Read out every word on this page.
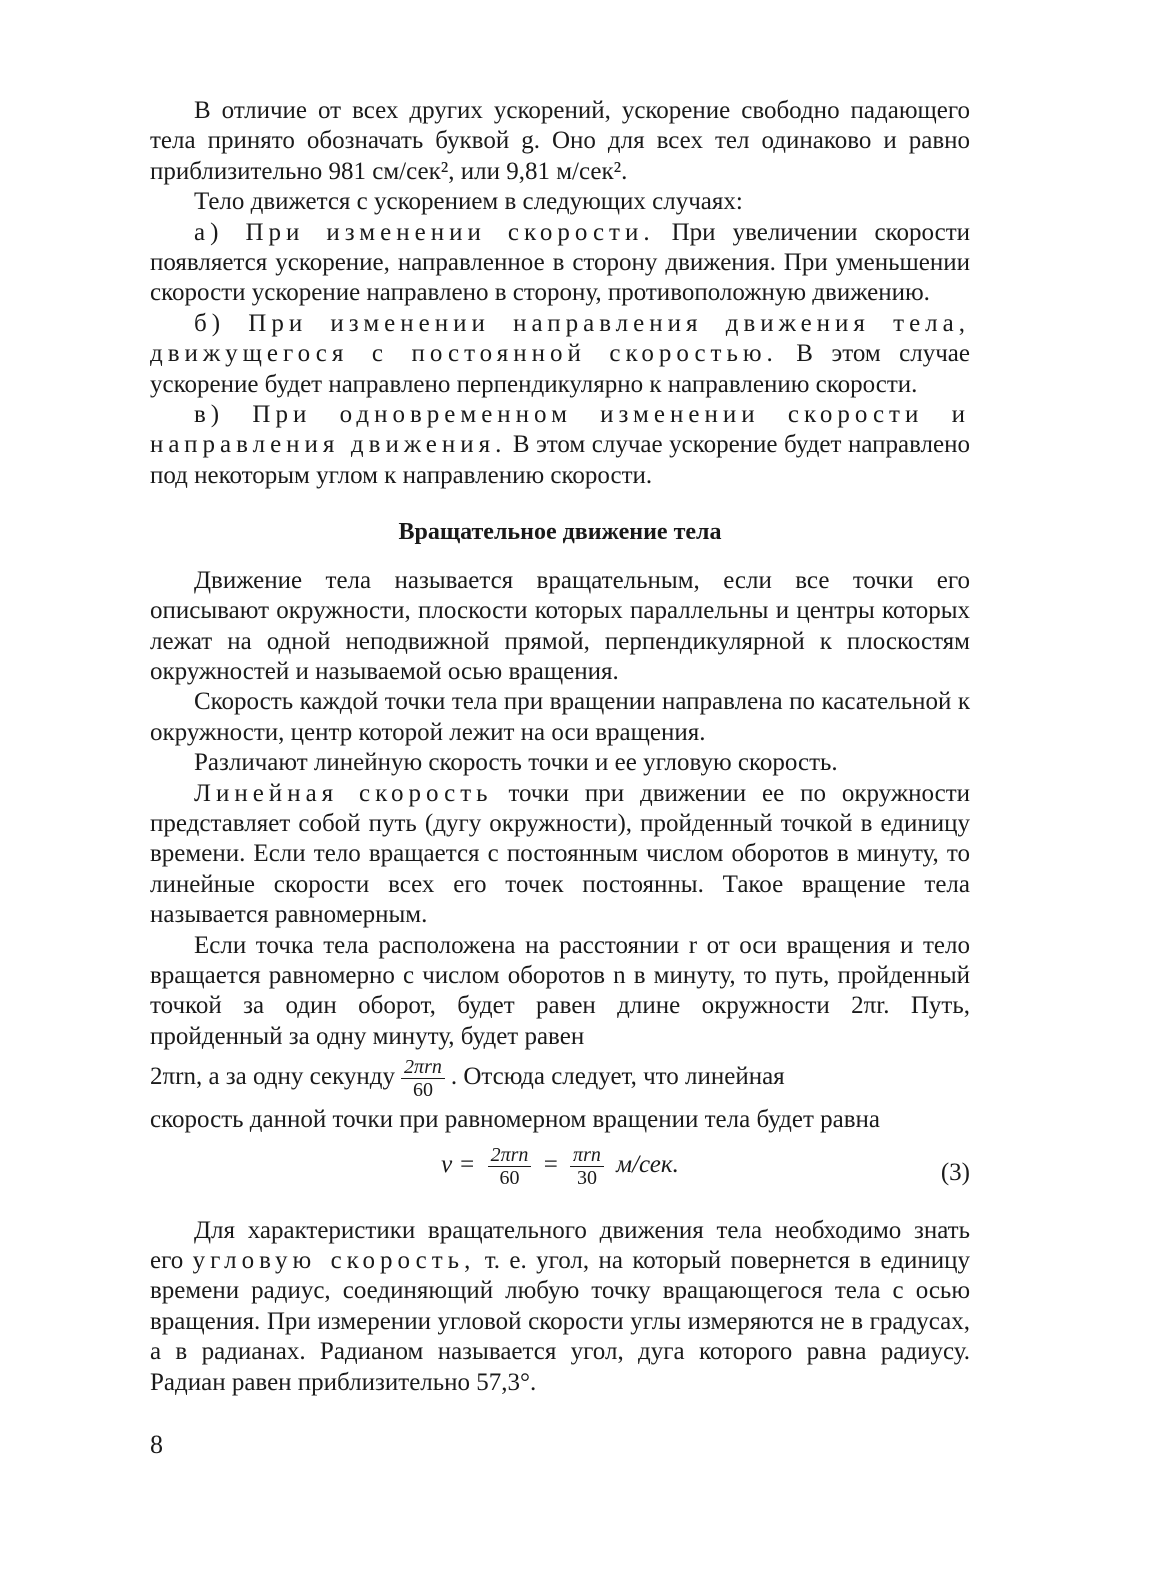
В отличие от всех других ускорений, ускорение свободно падающего тела принято обозначать буквой g. Оно для всех тел одинаково и равно приблизительно 981 см/сек², или 9,81 м/сек².

Тело движется с ускорением в следующих случаях:

а) При изменении скорости. При увеличении скорости появляется ускорение, направленное в сторону движения. При уменьшении скорости ускорение направлено в сторону, противоположную движению.

б) При изменении направления движения тела, движущегося с постоянной скоростью. В этом случае ускорение будет направлено перпендикулярно к направлению скорости.

в) При одновременном изменении скорости и направления движения. В этом случае ускорение будет направлено под некоторым углом к направлению скорости.

Вращательное движение тела

Движение тела называется вращательным, если все точки его описывают окружности, плоскости которых параллельны и центры которых лежат на одной неподвижной прямой, перпендикулярной к плоскостям окружностей и называемой осью вращения.

Скорость каждой точки тела при вращении направлена по касательной к окружности, центр которой лежит на оси вращения.

Различают линейную скорость точки и ее угловую скорость.

Линейная скорость точки при движении ее по окружности представляет собой путь (дугу окружности), пройденный точкой в единицу времени. Если тело вращается с постоянным числом оборотов в минуту, то линейные скорости всех его точек постоянны. Такое вращение тела называется равномерным.

Если точка тела расположена на расстоянии r от оси вращения и тело вращается равномерно с числом оборотов n в минуту, то путь, пройденный точкой за один оборот, будет равен длине окружности 2πr. Путь, пройденный за одну минуту, будет равен

2πrn, а за одну секунду $\frac{\text{2πrn}}{60}$ . Отсюда следует, что линейная

скорость данной точки при равномерном вращении тела будет равна

$v = \frac{\text{2πrn}}{60} = \frac{\text{πrn}}{30} м/сек$.	(3)

Для характеристики вращательного движения тела необходимо знать его угловую скорость, т. е. угол, на который повернется в единицу времени радиус, соединяющий любую точку вращающегося тела с осью вращения. При измерении угловой скорости углы измеряются не в градусах, а в радианах. Радианом называется угол, дуга которого равна радиусу. Радиан равен приблизительно 57,3°.

8
